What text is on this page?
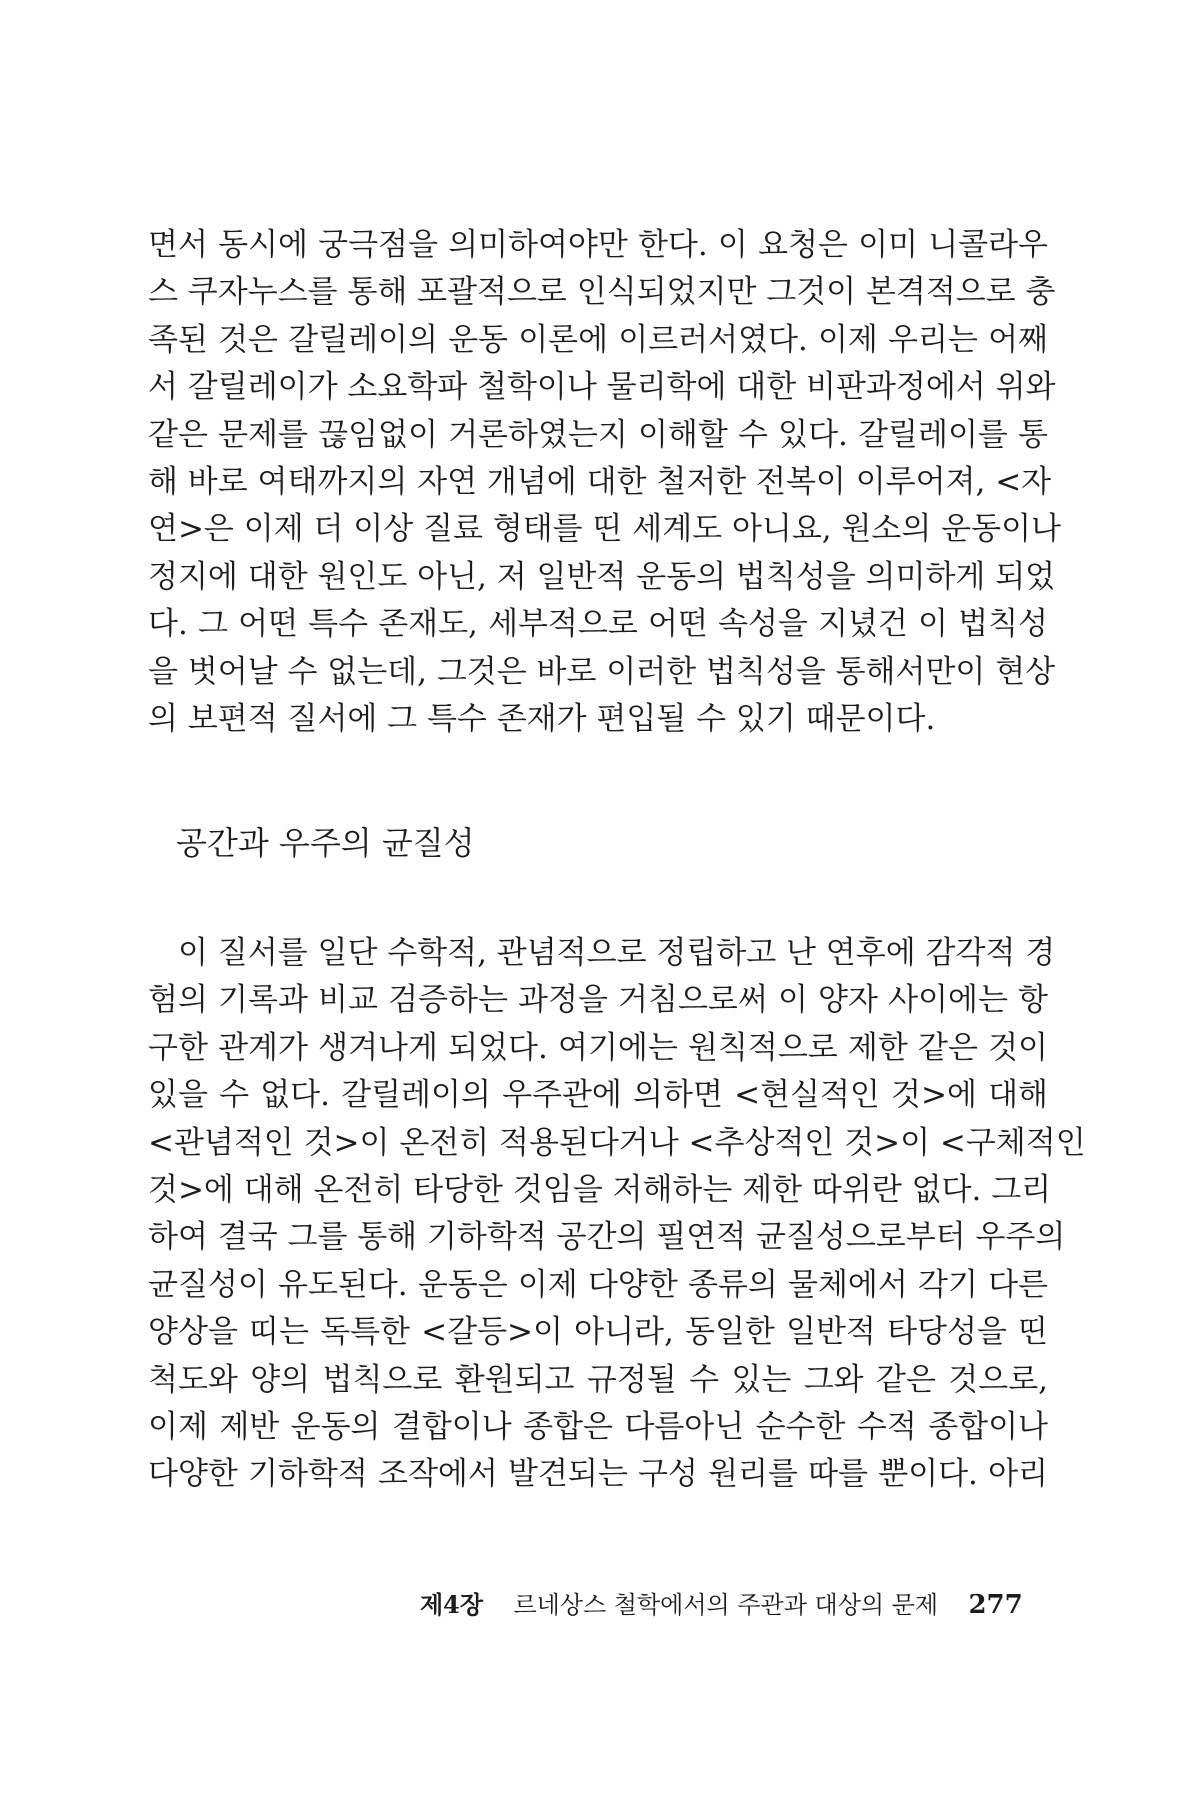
면서 동시에 궁극점을 의미하여야만 한다. 이 요청은 이미 니콜라우
스 쿠자누스를 통해 포괄적으로 인식되었지만 그것이 본격적으로 충
족된 것은 갈릴레이의 운동 이론에 이르러서였다. 이제 우리는 어째
서 갈릴레이가 소요학파 철학이나 물리학에 대한 비판과정에서 위와
같은 문제를 끊임없이 거론하였는지 이해할 수 있다. 갈릴레이를 통
해 바로 여태까지의 자연 개념에 대한 철저한 전복이 이루어져, <자
연>은 이제 더 이상 질료 형태를 띤 세계도 아니요, 원소의 운동이나
정지에 대한 원인도 아닌, 저 일반적 운동의 법칙성을 의미하게 되었
다. 그 어떤 특수 존재도, 세부적으로 어떤 속성을 지녔건 이 법칙성
을 벗어날 수 없는데, 그것은 바로 이러한 법칙성을 통해서만이 현상
의 보편적 질서에 그 특수 존재가 편입될 수 있기 때문이다.
공간과 우주의 균질성
이 질서를 일단 수학적, 관념적으로 정립하고 난 연후에 감각적 경
험의 기록과 비교 검증하는 과정을 거침으로써 이 양자 사이에는 항
구한 관계가 생겨나게 되었다. 여기에는 원칙적으로 제한 같은 것이
있을 수 없다. 갈릴레이의 우주관에 의하면 <현실적인 것>에 대해
<관념적인 것>이 온전히 적용된다거나 <추상적인 것>이 <구체적인
것>에 대해 온전히 타당한 것임을 저해하는 제한 따위란 없다. 그리
하여 결국 그를 통해 기하학적 공간의 필연적 균질성으로부터 우주의
균질성이 유도된다. 운동은 이제 다양한 종류의 물체에서 각기 다른
양상을 띠는 독특한 <갈등>이 아니라, 동일한 일반적 타당성을 띤
척도와 양의 법칙으로 환원되고 규정될 수 있는 그와 같은 것으로,
이제 제반 운동의 결합이나 종합은 다름아닌 순수한 수적 종합이나
다양한 기하학적 조작에서 발견되는 구성 원리를 따를 뿐이다. 아리
제4장 르네상스 철학에서의 주관과 대상의 문제 277
